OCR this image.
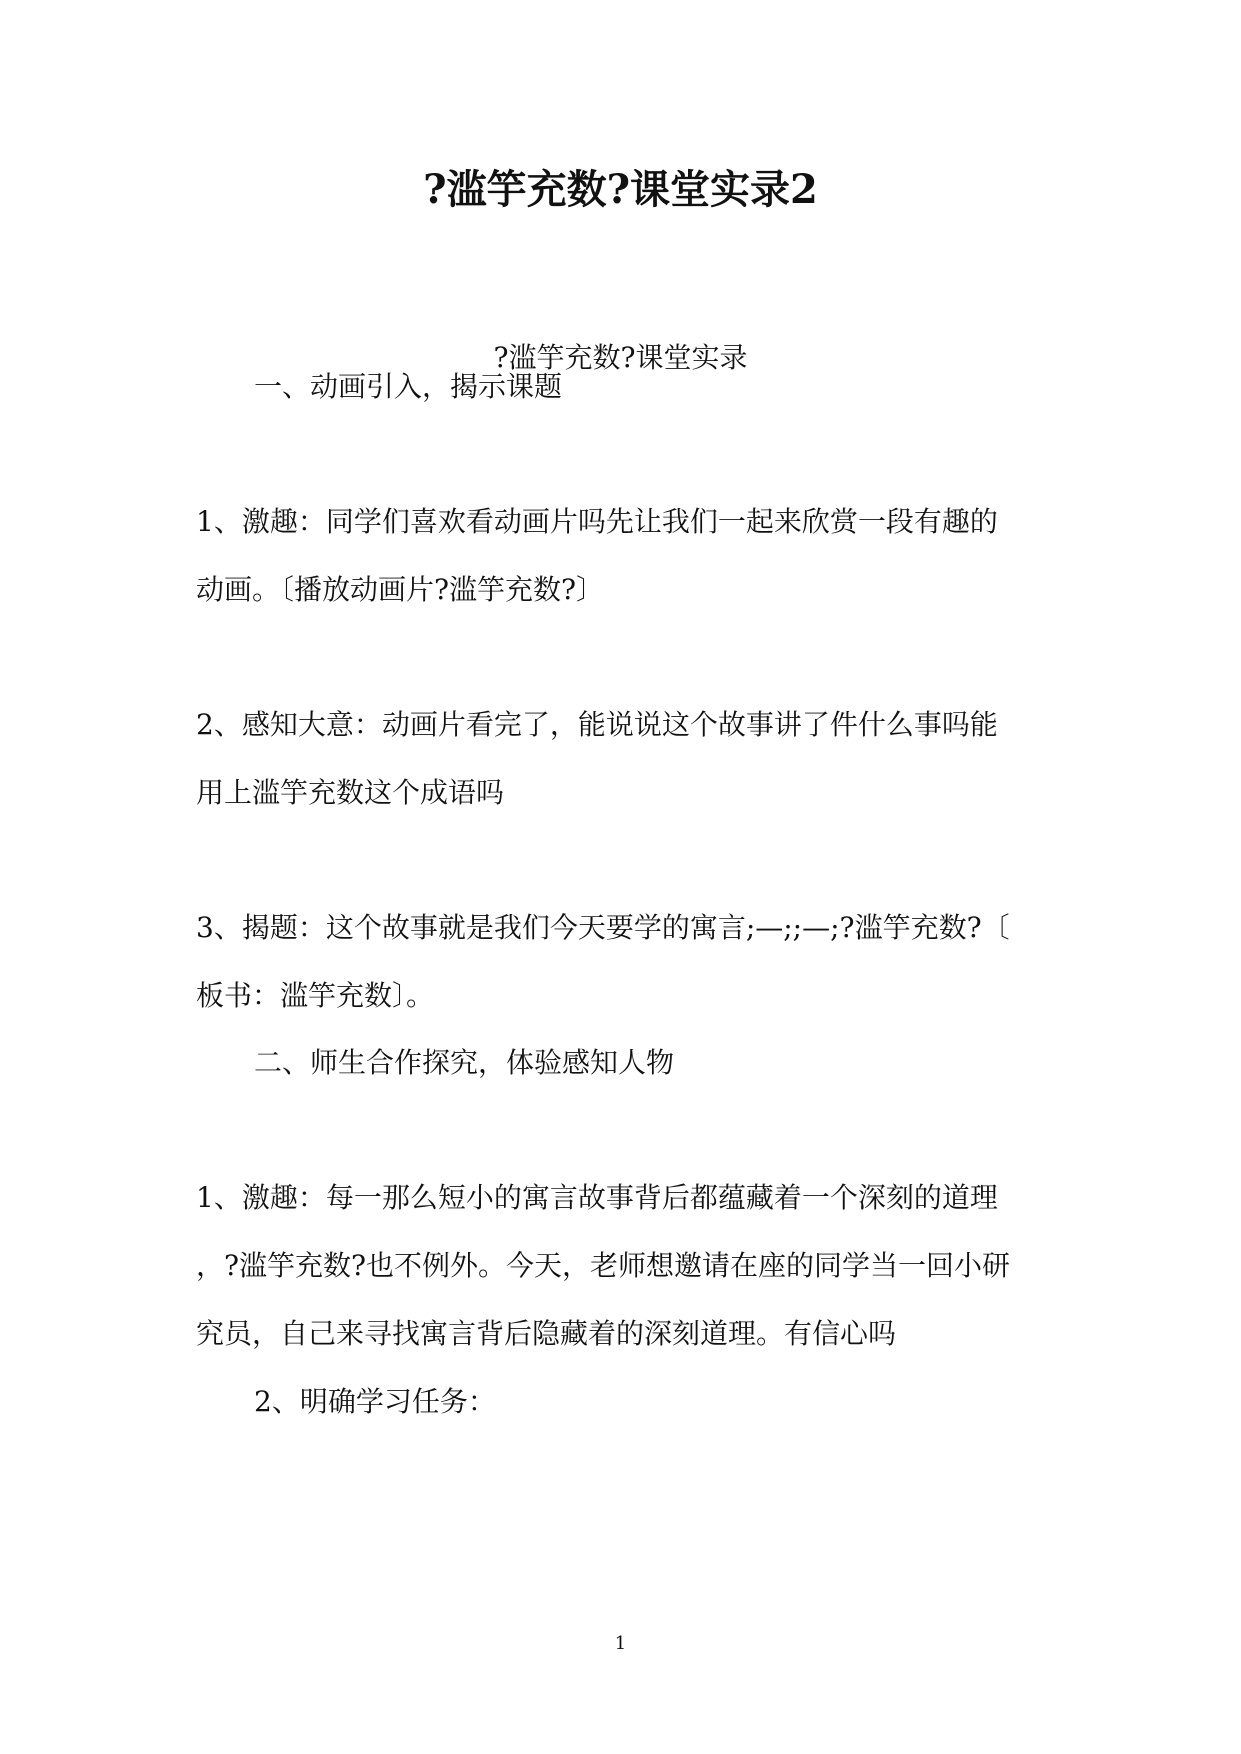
?滥竽充数?课堂实录2
?滥竽充数?课堂实录
一、动画引入，揭示课题
1、激趣：同学们喜欢看动画片吗先让我们一起来欣赏一段有趣的
动画。〔播放动画片?滥竽充数?〕
2、感知大意：动画片看完了，能说说这个故事讲了件什么事吗能
用上滥竽充数这个成语吗
3、揭题：这个故事就是我们今天要学的寓言;—;;—;?滥竽充数?〔
板书：滥竽充数〕。
二、师生合作探究，体验感知人物
1、激趣：每一那么短小的寓言故事背后都蕴藏着一个深刻的道理
，?滥竽充数?也不例外。今天，老师想邀请在座的同学当一回小研
究员，自己来寻找寓言背后隐藏着的深刻道理。有信心吗
2、明确学习任务：
1
